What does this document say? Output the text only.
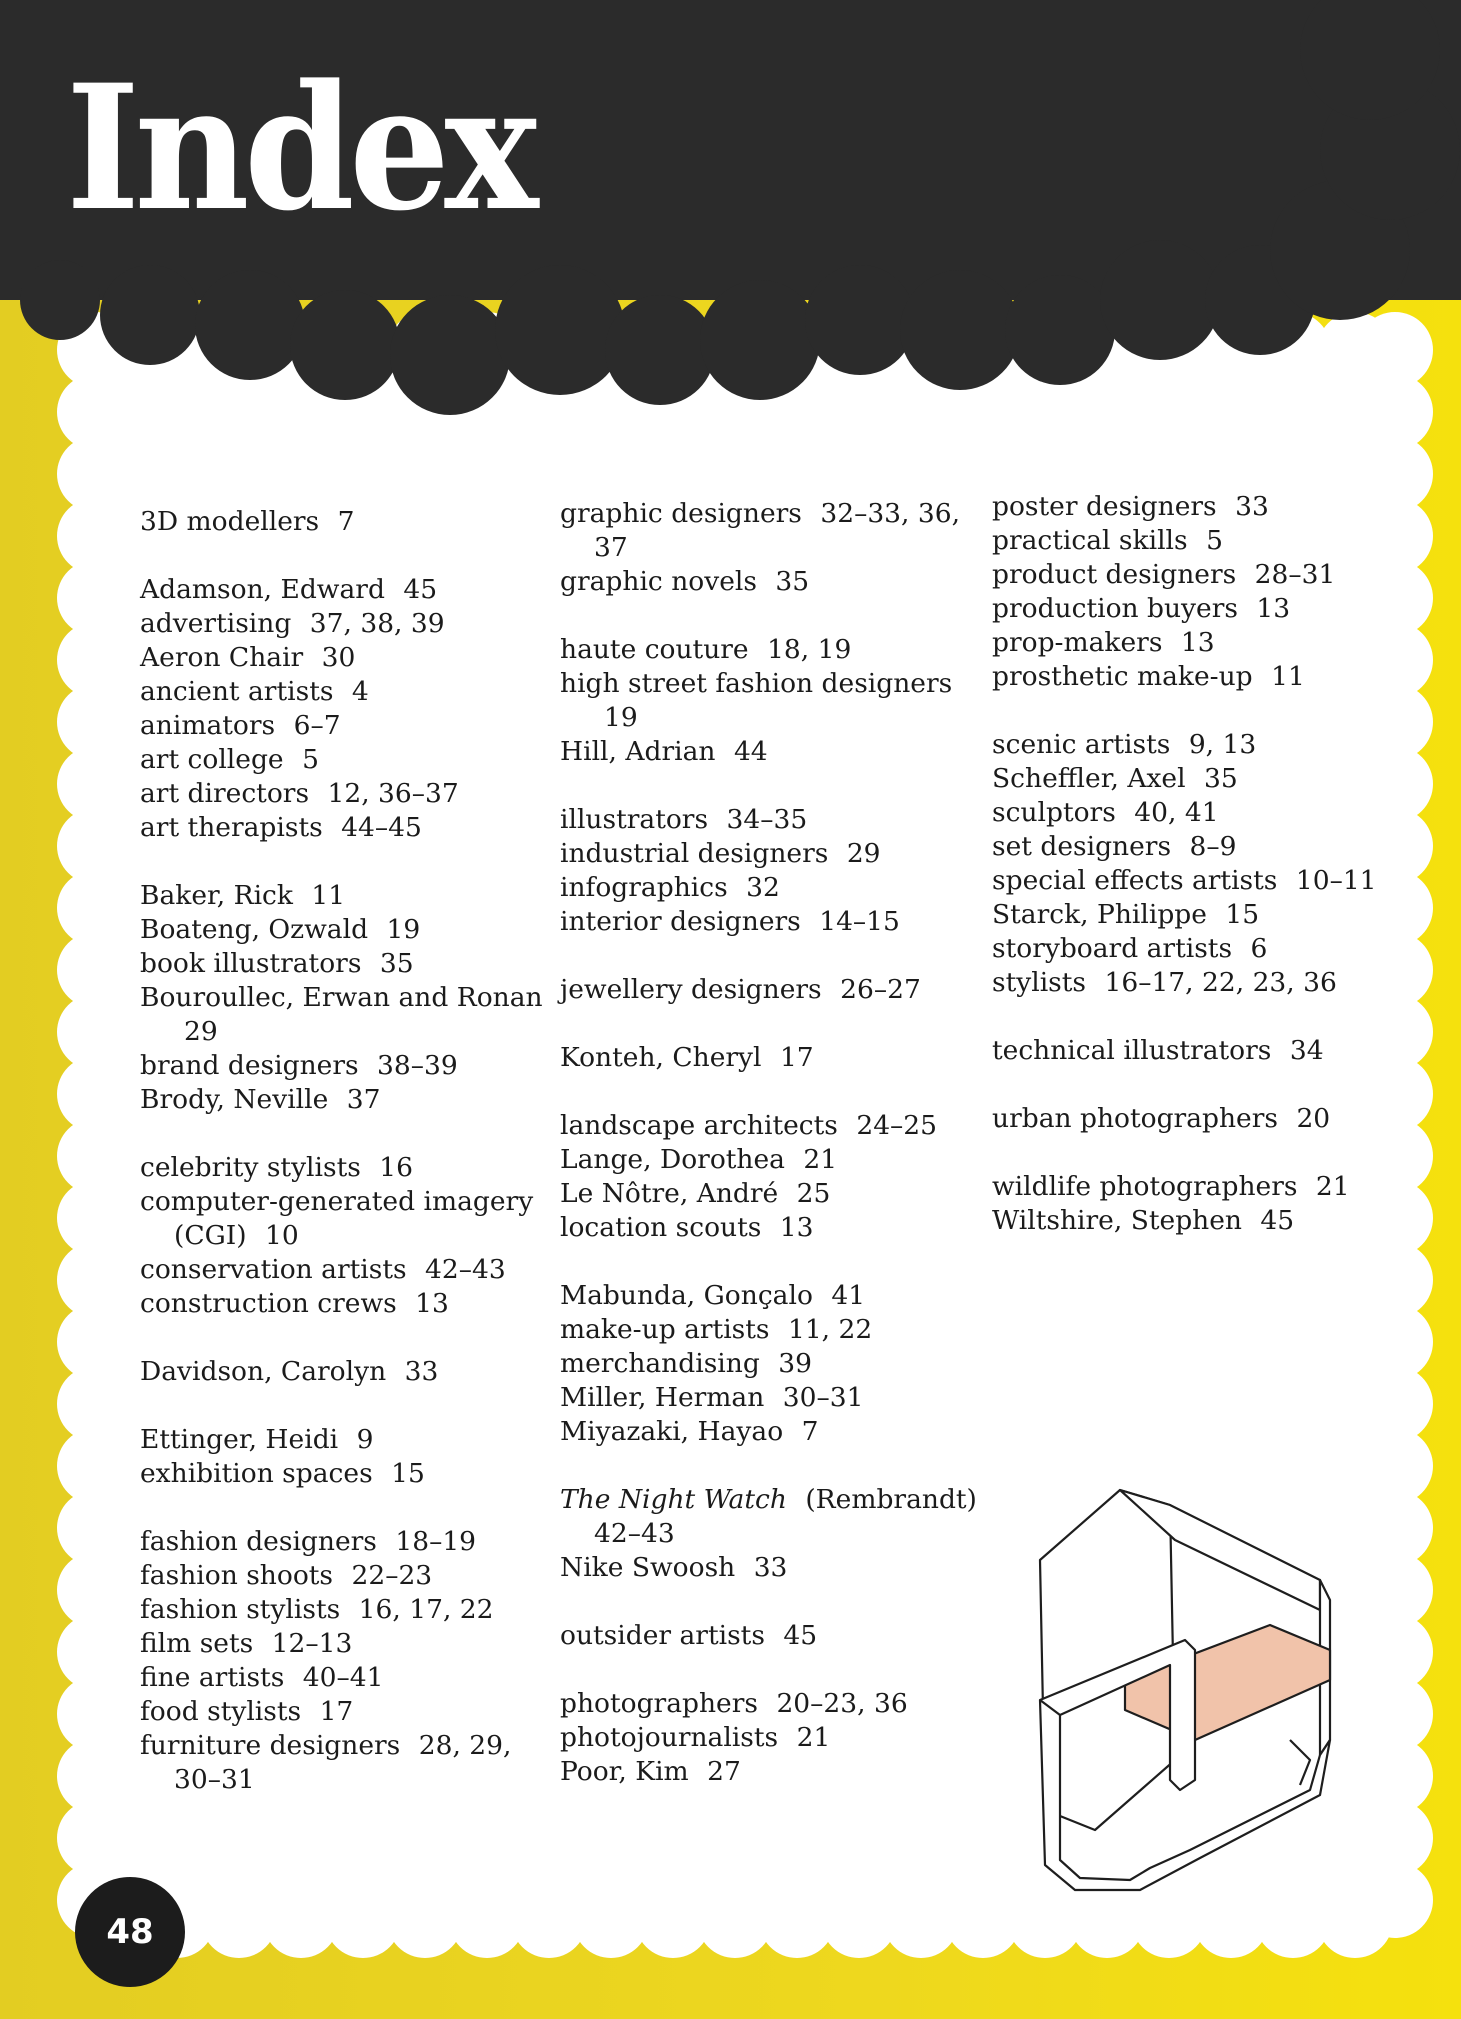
Index
3D modellers 7
Adamson, Edward 45
advertising 37, 38, 39
Aeron Chair 30
ancient artists 4
animators 6–7
art college 5
art directors 12, 36–37
art therapists 44–45
Baker, Rick 11
Boateng, Ozwald 19
book illustrators 35
Bouroullec, Erwan and Ronan 29
brand designers 38–39
Brody, Neville 37
celebrity stylists 16
computer-generated imagery (CGI) 10
conservation artists 42–43
construction crews 13
Davidson, Carolyn 33
Ettinger, Heidi 9
exhibition spaces 15
fashion designers 18–19
fashion shoots 22–23
fashion stylists 16, 17, 22
film sets 12–13
fine artists 40–41
food stylists 17
furniture designers 28, 29, 30–31
graphic designers 32–33, 36, 37
graphic novels 35
haute couture 18, 19
high street fashion designers 19
Hill, Adrian 44
illustrators 34–35
industrial designers 29
infographics 32
interior designers 14–15
jewellery designers 26–27
Konteh, Cheryl 17
landscape architects 24–25
Lange, Dorothea 21
Le Nôtre, André 25
location scouts 13
Mabunda, Gonçalo 41
make-up artists 11, 22
merchandising 39
Miller, Herman 30–31
Miyazaki, Hayao 7
The Night Watch (Rembrandt) 42–43
Nike Swoosh 33
outsider artists 45
photographers 20–23, 36
photojournalists 21
Poor, Kim 27
poster designers 33
practical skills 5
product designers 28–31
production buyers 13
prop-makers 13
prosthetic make-up 11
scenic artists 9, 13
Scheffler, Axel 35
sculptors 40, 41
set designers 8–9
special effects artists 10–11
Starck, Philippe 15
storyboard artists 6
stylists 16–17, 22, 23, 36
technical illustrators 34
urban photographers 20
wildlife photographers 21
Wiltshire, Stephen 45
48
